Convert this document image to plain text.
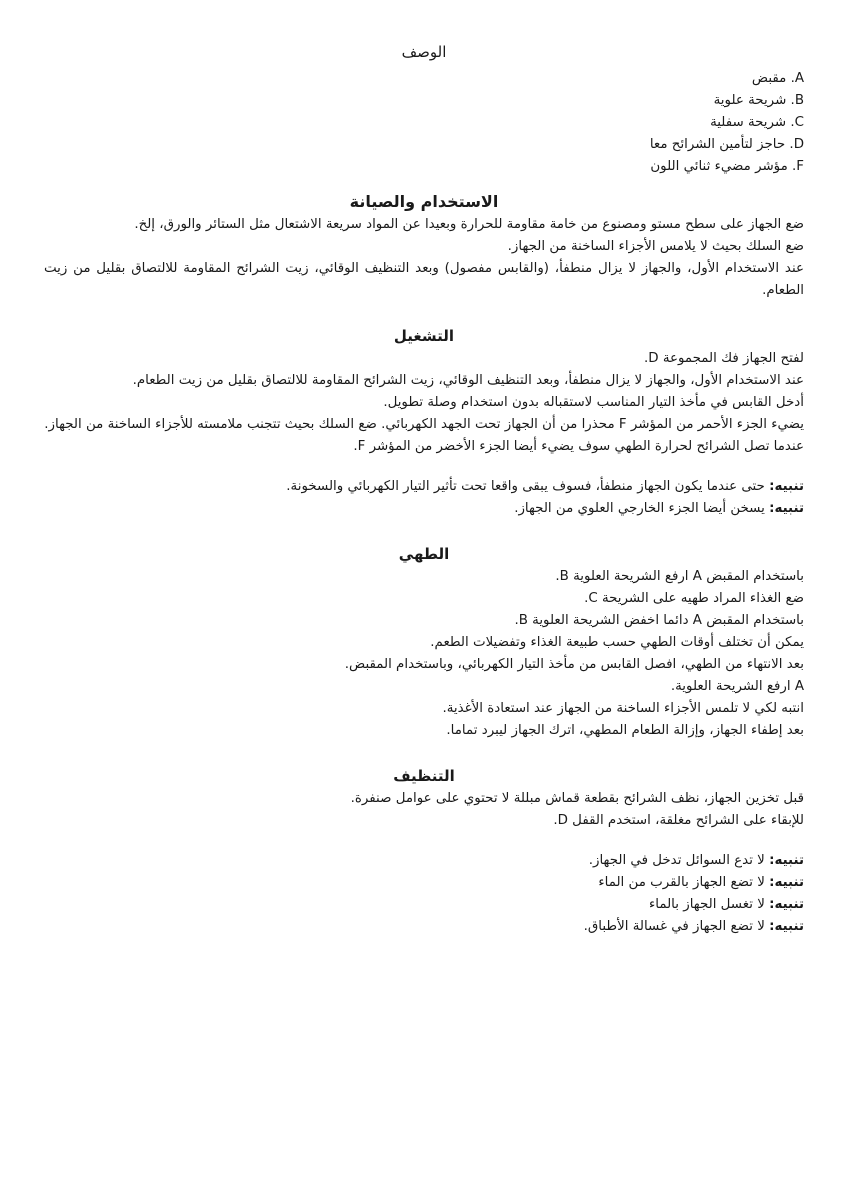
الوصف
A. مقبض
B. شريحة علوية
C. شريحة سفلية
D. حاجز لتأمين الشرائح معا
F. مؤشر مضيء ثنائي اللون
الاستخدام والصيانة
ضع الجهاز على سطح مستو ومصنوع من خامة مقاومة للحرارة وبعيدا عن المواد سريعة الاشتعال مثل الستائر والورق، إلخ.
ضع السلك بحيث لا يلامس الأجزاء الساخنة من الجهاز.
عند الاستخدام الأول، والجهاز لا يزال منطفأ، (والقابس مفصول) وبعد التنظيف الوقائي، زيت الشرائح المقاومة للالتصاق بقليل من زيت الطعام.
التشغيل
لفتح الجهاز فك المجموعة D.
عند الاستخدام الأول، والجهاز لا يزال منطفأ، وبعد التنظيف الوقائي، زيت الشرائح المقاومة للالتصاق بقليل من زيت الطعام.
أدخل القابس في مأخذ التيار المناسب لاستقباله بدون استخدام وصلة تطويل.
يضيء الجزء الأحمر من المؤشر F محذرا من أن الجهاز تحت الجهد الكهربائي. ضع السلك بحيث تتجنب ملامسته للأجزاء الساخنة من الجهاز.
عندما تصل الشرائح لحرارة الطهي سوف يضيء أيضا الجزء الأخضر من المؤشر F.
تنبيه: حتى عندما يكون الجهاز منطفأ، فسوف يبقى واقعا تحت تأثير التيار الكهربائي والسخونة.
تنبيه: يسخن أيضا الجزء الخارجي العلوي من الجهاز.
الطهي
باستخدام المقبض A ارفع الشريحة العلوية B.
ضع الغذاء المراد طهيه على الشريحة C.
باستخدام المقبض A دائما اخفض الشريحة العلوية B.
يمكن أن تختلف أوقات الطهي حسب طبيعة الغذاء وتفضيلات الطعم.
بعد الانتهاء من الطهي، افصل القابس من مأخذ التيار الكهربائي، وباستخدام المقبض.
A ارفع الشريحة العلوية.
انتبه لكي لا تلمس الأجزاء الساخنة من الجهاز عند استعادة الأغذية.
بعد إطفاء الجهاز، وإزالة الطعام المطهي، اترك الجهاز ليبرد تماما.
التنظيف
قبل تخزين الجهاز، نظف الشرائح بقطعة قماش مبللة لا تحتوي على عوامل صنفرة.
للإبقاء على الشرائح مغلقة، استخدم القفل D.
تنبيه: لا تدع السوائل تدخل في الجهاز.
تنبيه: لا تضع الجهاز بالقرب من الماء
تنبيه: لا تغسل الجهاز بالماء
تنبيه: لا تضع الجهاز في غسالة الأطباق.
